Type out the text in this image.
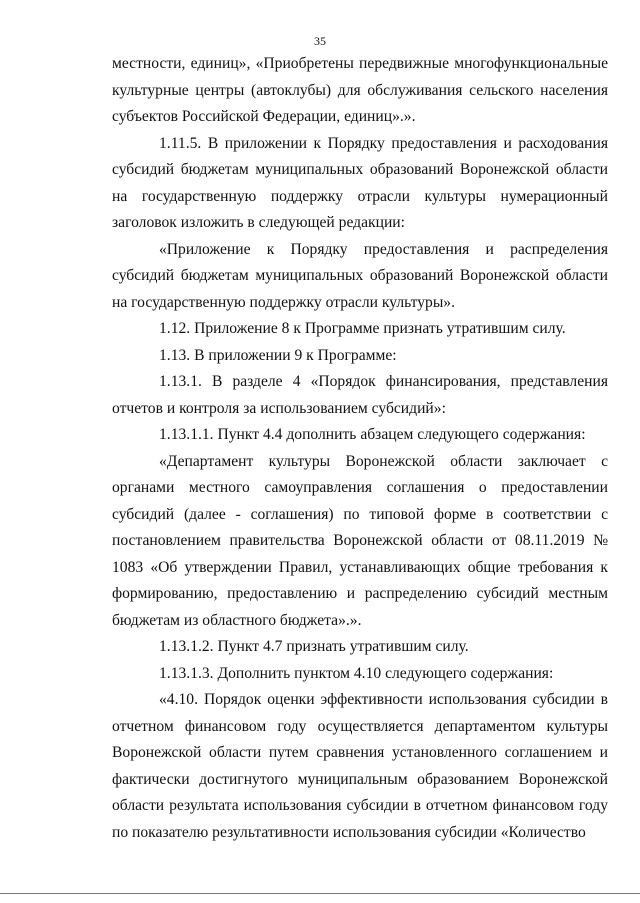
35

местности, единиц», «Приобретены передвижные многофункциональные культурные центры (автоклубы) для обслуживания сельского населения субъектов Российской Федерации, единиц».».

1.11.5. В приложении к Порядку предоставления и расходования субсидий бюджетам муниципальных образований Воронежской области на государственную поддержку отрасли культуры нумерационный заголовок изложить в следующей редакции:

«Приложение к Порядку предоставления и распределения субсидий бюджетам муниципальных образований Воронежской области на государственную поддержку отрасли культуры».

1.12. Приложение 8 к Программе признать утратившим силу.

1.13. В приложении 9 к Программе:

1.13.1. В разделе 4 «Порядок финансирования, представления отчетов и контроля за использованием субсидий»:

1.13.1.1. Пункт 4.4 дополнить абзацем следующего содержания:

«Департамент культуры Воронежской области заключает с органами местного самоуправления соглашения о предоставлении субсидий (далее - соглашения) по типовой форме в соответствии с постановлением правительства Воронежской области от 08.11.2019 № 1083 «Об утверждении Правил, устанавливающих общие требования к формированию, предоставлению и распределению субсидий местным бюджетам из областного бюджета».».

1.13.1.2. Пункт 4.7 признать утратившим силу.

1.13.1.3. Дополнить пунктом 4.10 следующего содержания:

«4.10. Порядок оценки эффективности использования субсидии в отчетном финансовом году осуществляется департаментом культуры Воронежской области путем сравнения установленного соглашением и фактически достигнутого муниципальным образованием Воронежской области результата использования субсидии в отчетном финансовом году по показателю результативности использования субсидии «Количество
